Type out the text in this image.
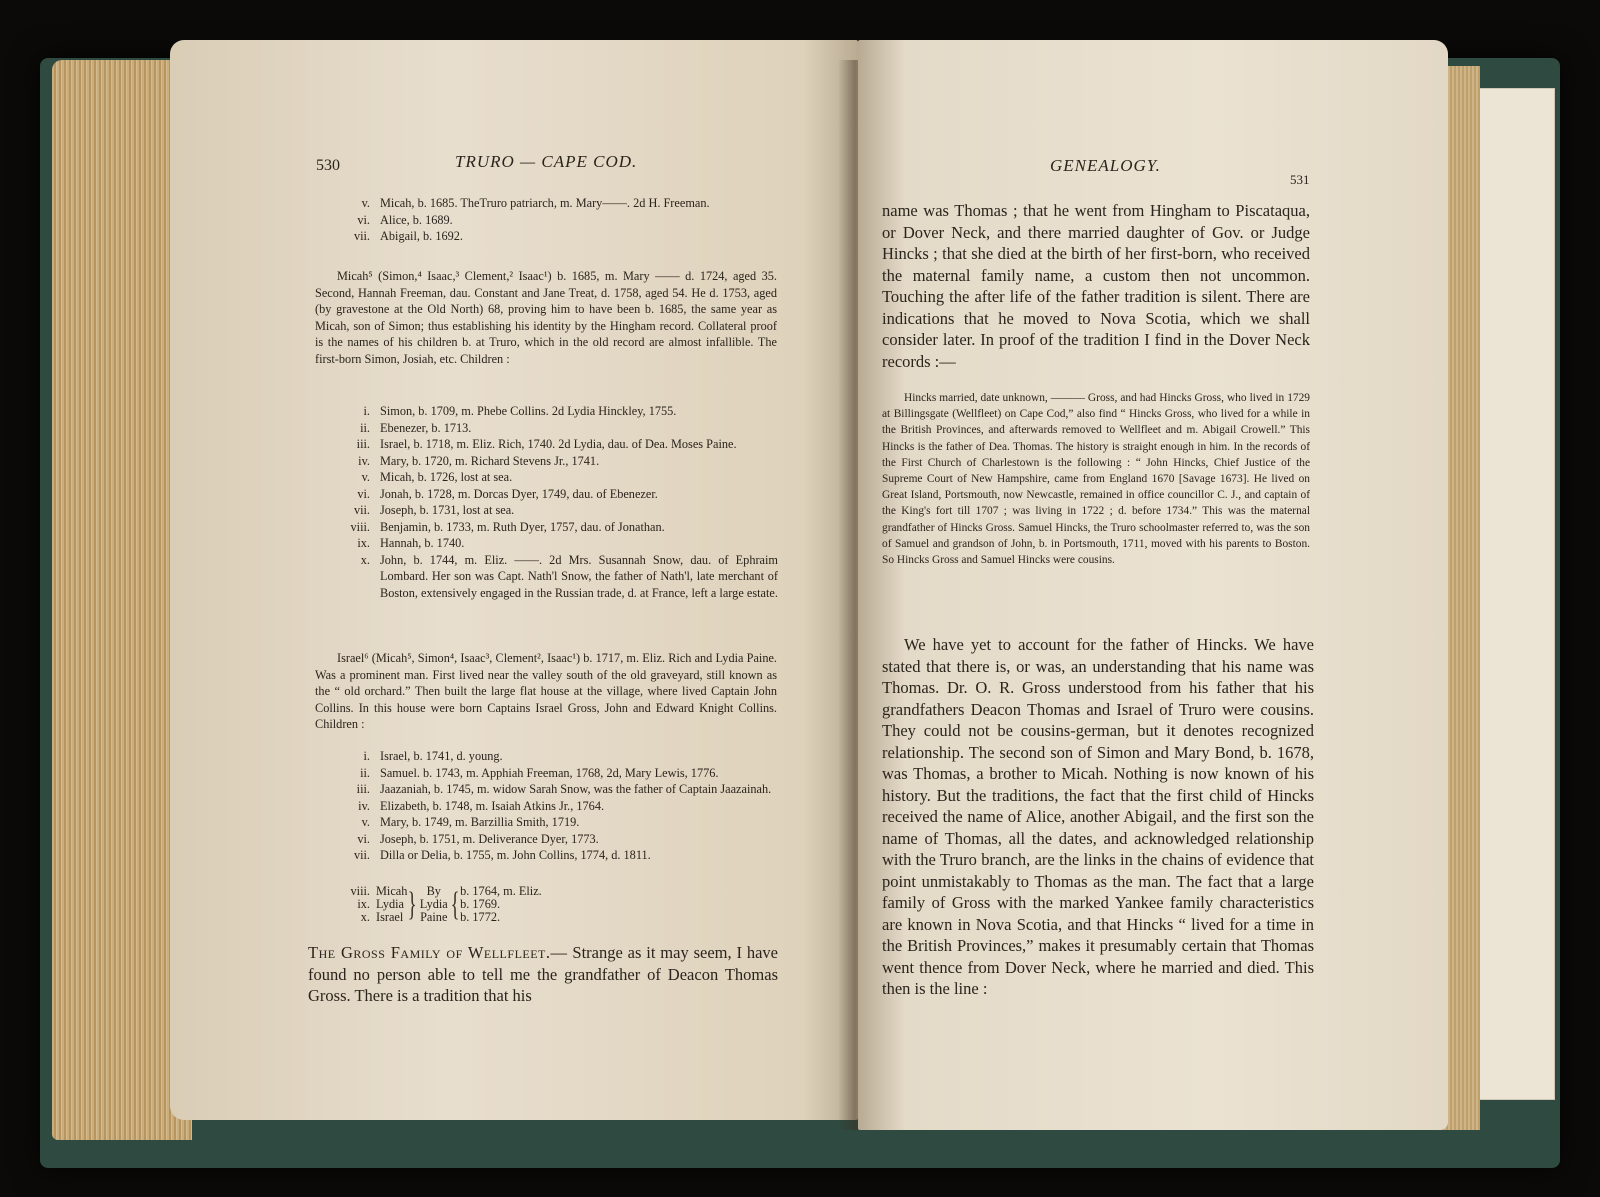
530	TRURO — CAPE COD.
v. Micah, b. 1685. TheTruro patriarch, m. Mary——. 2d H. Freeman.
vi. Alice, b. 1689.
vii. Abigail, b. 1692.

Micah⁵ (Simon,⁴ Isaac,³ Clement,² Isaac¹) b. 1685, m. Mary —— d. 1724, aged 35. Second, Hannah Freeman, dau. Constant and Jane Treat, d. 1758, aged 54. He d. 1753, aged (by gravestone at the Old North) 68, proving him to have been b. 1685, the same year as Micah, son of Simon; thus establishing his identity by the Hingham record. Collateral proof is the names of his children b. at Truro, which in the old record are almost infallible. The first-born Simon, Josiah, etc. Children :

i. Simon, b. 1709, m. Phebe Collins. 2d Lydia Hinckley, 1755.
ii. Ebenezer, b. 1713.
iii. Israel, b. 1718, m. Eliz. Rich, 1740. 2d Lydia, dau. of Dea. Moses Paine.
iv. Mary, b. 1720, m. Richard Stevens Jr., 1741.
v. Micah, b. 1726, lost at sea.
vi. Jonah, b. 1728, m. Dorcas Dyer, 1749, dau. of Ebenezer.
vii. Joseph, b. 1731, lost at sea.
viii. Benjamin, b. 1733, m. Ruth Dyer, 1757, dau. of Jonathan.
ix. Hannah, b. 1740.
x. John, b. 1744, m. Eliz. ——. 2d Mrs. Susannah Snow, dau. of Ephraim Lombard. Her son was Capt. Nath'l Snow, the father of Nath'l, late merchant of Boston, extensively engaged in the Russian trade, d. at France, left a large estate.

Israel⁶ (Micah⁵, Simon⁴, Isaac³, Clement², Isaac¹) b. 1717, m. Eliz. Rich and Lydia Paine. Was a prominent man. First lived near the valley south of the old graveyard, still known as the “ old orchard.” Then built the large flat house at the village, where lived Captain John Collins. In this house were born Captains Israel Gross, John and Edward Knight Collins. Children :

i. Israel, b. 1741, d. young.
ii. Samuel. b. 1743, m. Apphiah Freeman, 1768, 2d, Mary Lewis, 1776.
iii. Jaazaniah, b. 1745, m. widow Sarah Snow, was the father of Captain Jaazainah.
iv. Elizabeth, b. 1748, m. Isaiah Atkins Jr., 1764.
v. Mary, b. 1749, m. Barzillia Smith, 1719.
vi. Joseph, b. 1751, m. Deliverance Dyer, 1773.
vii. Dilla or Delia, b. 1755, m. John Collins, 1774, d. 1811.
viii.
ix.
x.
Micah
Lydia
Israel } By
Lydia
Paine { b. 1764, m. Eliz.
b. 1769.
b. 1772.

The Gross Family of Wellfleet.— Strange as it may seem, I have found no person able to tell me the grandfather of Deacon Thomas Gross. There is a tradition that his

GENEALOGY.
531

name was Thomas ; that he went from Hingham to Piscataqua, or Dover Neck, and there married daughter of Gov. or Judge Hincks ; that she died at the birth of her first-born, who received the maternal family name, a custom then not uncommon. Touching the after life of the father tradition is silent. There are indications that he moved to Nova Scotia, which we shall consider later. In proof of the tradition I find in the Dover Neck records :—

Hincks married, date unknown, ——— Gross, and had Hincks Gross, who lived in 1729 at Billingsgate (Wellfleet) on Cape Cod,” also find “ Hincks Gross, who lived for a while in the British Provinces, and afterwards removed to Wellfleet and m. Abigail Crowell.” This Hincks is the father of Dea. Thomas. The history is straight enough in him. In the records of the First Church of Charlestown is the following : “ John Hincks, Chief Justice of the Supreme Court of New Hampshire, came from England 1670 [Savage 1673]. He lived on Great Island, Portsmouth, now Newcastle, remained in office councillor C. J., and captain of the King's fort till 1707 ; was living in 1722 ; d. before 1734.” This was the maternal grandfather of Hincks Gross. Samuel Hincks, the Truro schoolmaster referred to, was the son of Samuel and grandson of John, b. in Portsmouth, 1711, moved with his parents to Boston. So Hincks Gross and Samuel Hincks were cousins.

We have yet to account for the father of Hincks. We have stated that there is, or was, an understanding that his name was Thomas. Dr. O. R. Gross understood from his father that his grandfathers Deacon Thomas and Israel of Truro were cousins. They could not be cousins-german, but it denotes recognized relationship. The second son of Simon and Mary Bond, b. 1678, was Thomas, a brother to Micah. Nothing is now known of his history. But the traditions, the fact that the first child of Hincks received the name of Alice, another Abigail, and the first son the name of Thomas, all the dates, and acknowledged relationship with the Truro branch, are the links in the chains of evidence that point unmistakably to Thomas as the man. The fact that a large family of Gross with the marked Yankee family characteristics are known in Nova Scotia, and that Hincks “ lived for a time in the British Provinces,” makes it presumably certain that Thomas went thence from Dover Neck, where he married and died. This then is the line :
